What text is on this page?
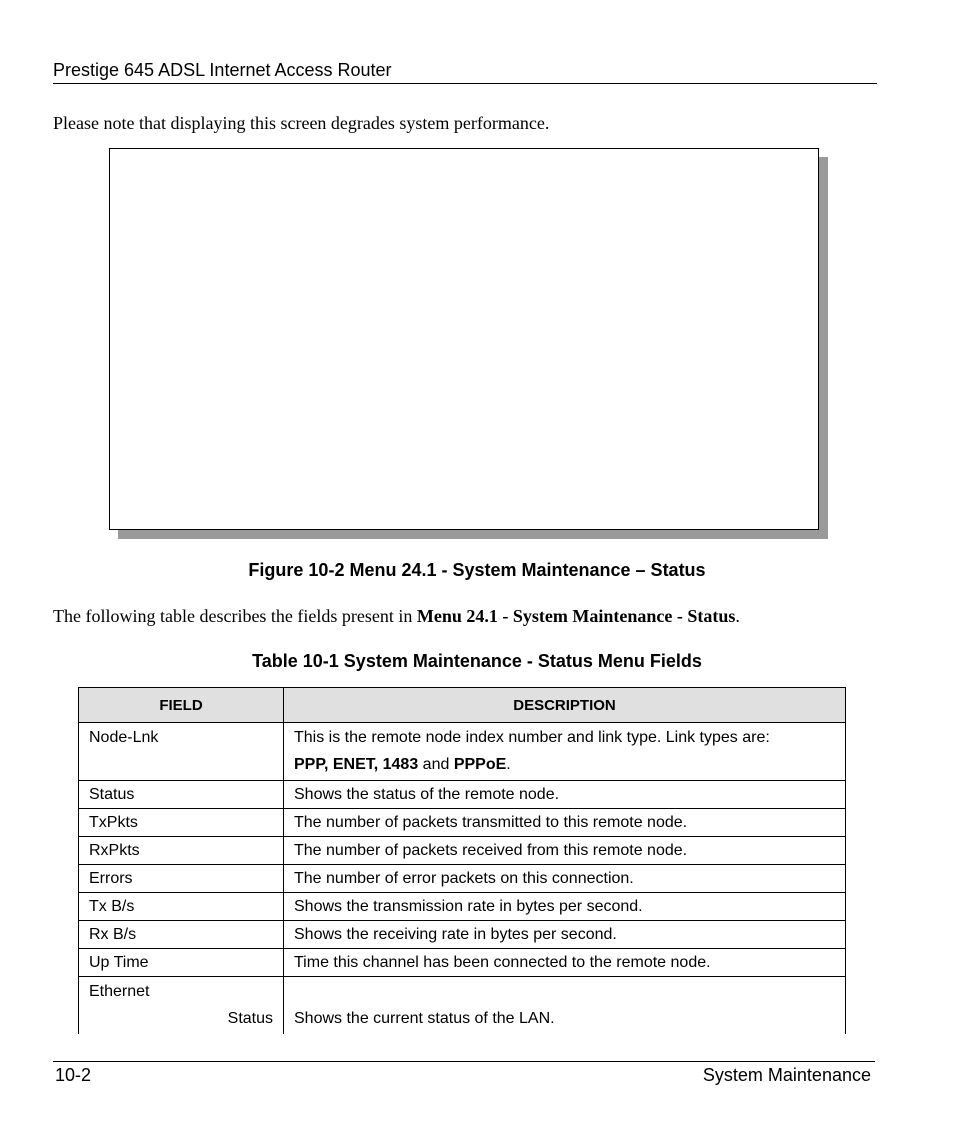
Prestige 645 ADSL Internet Access Router
Please note that displaying this screen degrades system performance.
Figure 10-2 Menu 24.1 - System Maintenance – Status
The following table describes the fields present in Menu 24.1 - System Maintenance - Status.
Table 10-1 System Maintenance - Status Menu Fields
FIELD	DESCRIPTION
Node-Lnk	This is the remote node index number and link type. Link types are:
PPP, ENET, 1483 and PPPoE.

Status	Shows the status of the remote node.
TxPkts	The number of packets transmitted to this remote node.
RxPkts	The number of packets received from this remote node.
Errors	The number of error packets on this connection.
Tx B/s	Shows the transmission rate in bytes per second.
Rx B/s	Shows the receiving rate in bytes per second.
Up Time	Time this channel has been connected to the remote node.
Ethernet
Status	Shows the current status of the LAN.
10-2	System Maintenance
